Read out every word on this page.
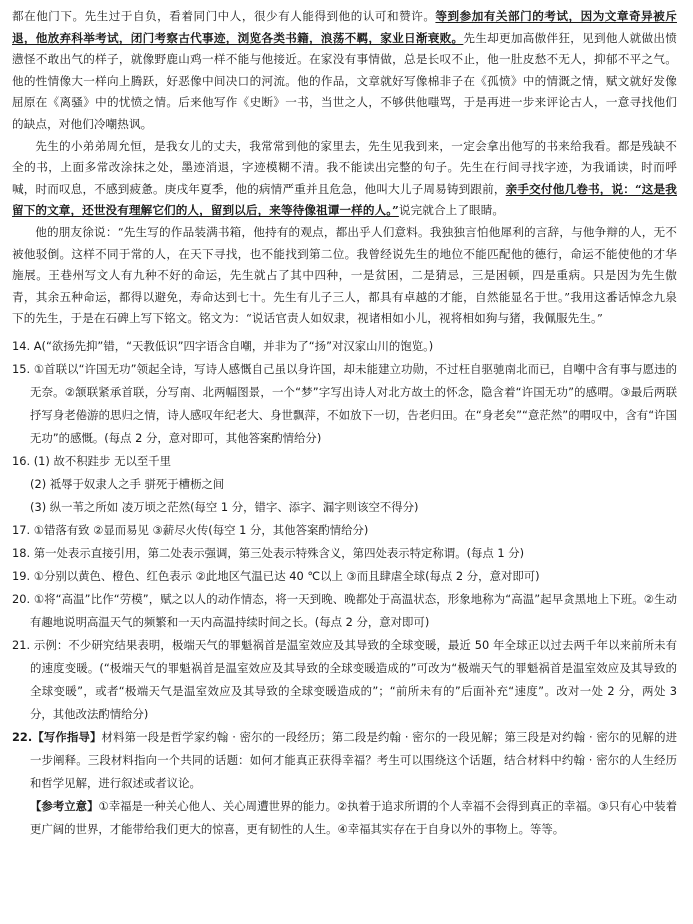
都在他门下。先生过于自负，看着同门中人，很少有人能得到他的认可和赞许。等到参加有关部门的考试，因为文章奇异被斥退，他放弃科举考试，闭门考察古代事迹，浏览各类书籍，浪荡不羁，家业日渐衰败。先生却更加高傲伴狂，见到他人就做出愤懑怪不敢出气的样子，就像野鹿山鸡一样不能与他接近。在家没有事情做，总是长叹不止，他一肚皮愁不无人，抑郁不平之气。他的性情像大一样向上腾跃，好恶像中间决口的河流。他的作品，文章就好写像棉非子在《孤愤》中的情溉之情，赋文就好发像屈原在《离骚》中的忧愤之情。后来他写作《史断》一书，当世之人，不够供他嗤骂，于是再进一步来评论古人，一意寻找他们的缺点，对他们冷嘲热讽。

先生的小弟弟周允恒，是我女儿的丈夫，我常常到他的家里去，先生见我到来，一定会拿出他写的书来给我看。都是残缺不全的书，上面多常改涂抹之处，墨迹消退，字迹模糊不清。我不能读出完整的句子。先生在行间寻找字迹，为我诵读，时而呼喊，时而叹息，不感到疲惫。庚戌年夏季，他的病情严重并且危急，他叫大儿子周易铸到跟前，亲手交付他几卷书，说：“这是我留下的文章，还世没有理解它们的人，留到以后，来等待像祖谭一样的人。”说完就合上了眼睛。

他的朋友徐说：“先生写的作品装满书箱，他持有的观点，都出乎人们意料。我独独言怕他犀利的言辞，与他争辩的人，无不被他驳倒。这样不同于常的人，在天下寻找，也不能找到第二位。我曾经说先生的地位不能匹配他的德行，命运不能使他的才华施展。王巷州写文人有九种不好的命运，先生就占了其中四种，一是贫困，二是猜忌，三是困顿，四是重病。只是因为先生傲青，其余五种命运，都得以避免，寿命达到七十。先生有儿子三人，都具有卓越的才能，自然能显名于世。”我用这番话悼念九泉下的先生，于是在石碑上写下铭文。铭文为：“说话官责人如奴隶，视诸相如小儿，视将相如狗与猪，我佩服先生。”

14. A(“欲扬先抑”错，“天教低识”四字语含自嘲，并非为了“扬”对汉家山川的饱览。)

15. ①首联以“许国无功”领起全诗，写诗人感慨自己虽以身许国，却未能建立功勋，不过枉自驱驰南北而已，自嘲中含有事与愿违的无奈。②颔联紧承首联，分写南、北两幅图景，一个“梦”字写出诗人对北方故土的怀念，隐含着“许国无功”的感喟。③最后两联抒写身老倦游的思归之情，诗人感叹年纪老大、身世飘萍，不如放下一切，告老归田。在“身老矣”“意茫然”的喟叹中，含有“许国无功”的感慨。(每点 2 分，意对即可，其他答案酌情给分)

16. (1) 故不积跬步 无以至千里

(2) 祗辱于奴隶人之手 骈死于槽枥之间

(3) 纵一苇之所如 凌万顷之茫然(每空 1 分，错字、添字、漏字则该空不得分)

17. ①错落有致 ②显而易见 ③薪尽火传(每空 1 分，其他答案酌情给分)

18. 第一处表示直接引用，第二处表示强调，第三处表示特殊含义，第四处表示特定称谓。(每点 1 分)

19. ①分别以黄色、橙色、红色表示 ②此地区气温已达 40 ℃以上 ③而且肆虐全球(每点 2 分，意对即可)

20. ①将“高温”比作“劳模”，赋之以人的动作情态，将一天到晚、晚都处于高温状态，形象地称为“高温”起早贪黑地上下班。②生动有趣地说明高温天气的频繁和一天内高温持续时间之长。(每点 2 分，意对即可)

21. 示例：不少研究结果表明，极端天气的罪魁祸首是温室效应及其导致的全球变暖，最近 50 年全球正以过去两千年以来前所未有的速度变暖。(“极端天气的罪魁祸首是温室效应及其导致的全球变暖造成的”可改为“极端天气的罪魁祸首是温室效应及其导致的全球变暖”，或者“极端天气是温室效应及其导致的全球变暖造成的”；“前所未有的”后面补充“速度”。改对一处 2 分，两处 3 分，其他改法酌情给分)

22.【写作指导】材料第一段是哲学家约翰 · 密尔的一段经历；第二段是约翰 · 密尔的一段见解；第三段是对约翰 · 密尔的见解的进一步阐释。三段材料指向一个共同的话题：如何才能真正获得幸福？考生可以围绕这个话题，结合材料中约翰 · 密尔的人生经历和哲学见解，进行叙述或者议论。

【参考立意】①幸福是一种关心他人、关心周遭世界的能力。②执着于追求所谓的个人幸福不会得到真正的幸福。③只有心中装着更广阔的世界，才能带给我们更大的惊喜，更有韧性的人生。④幸福其实存在于自身以外的事物上。等等。
